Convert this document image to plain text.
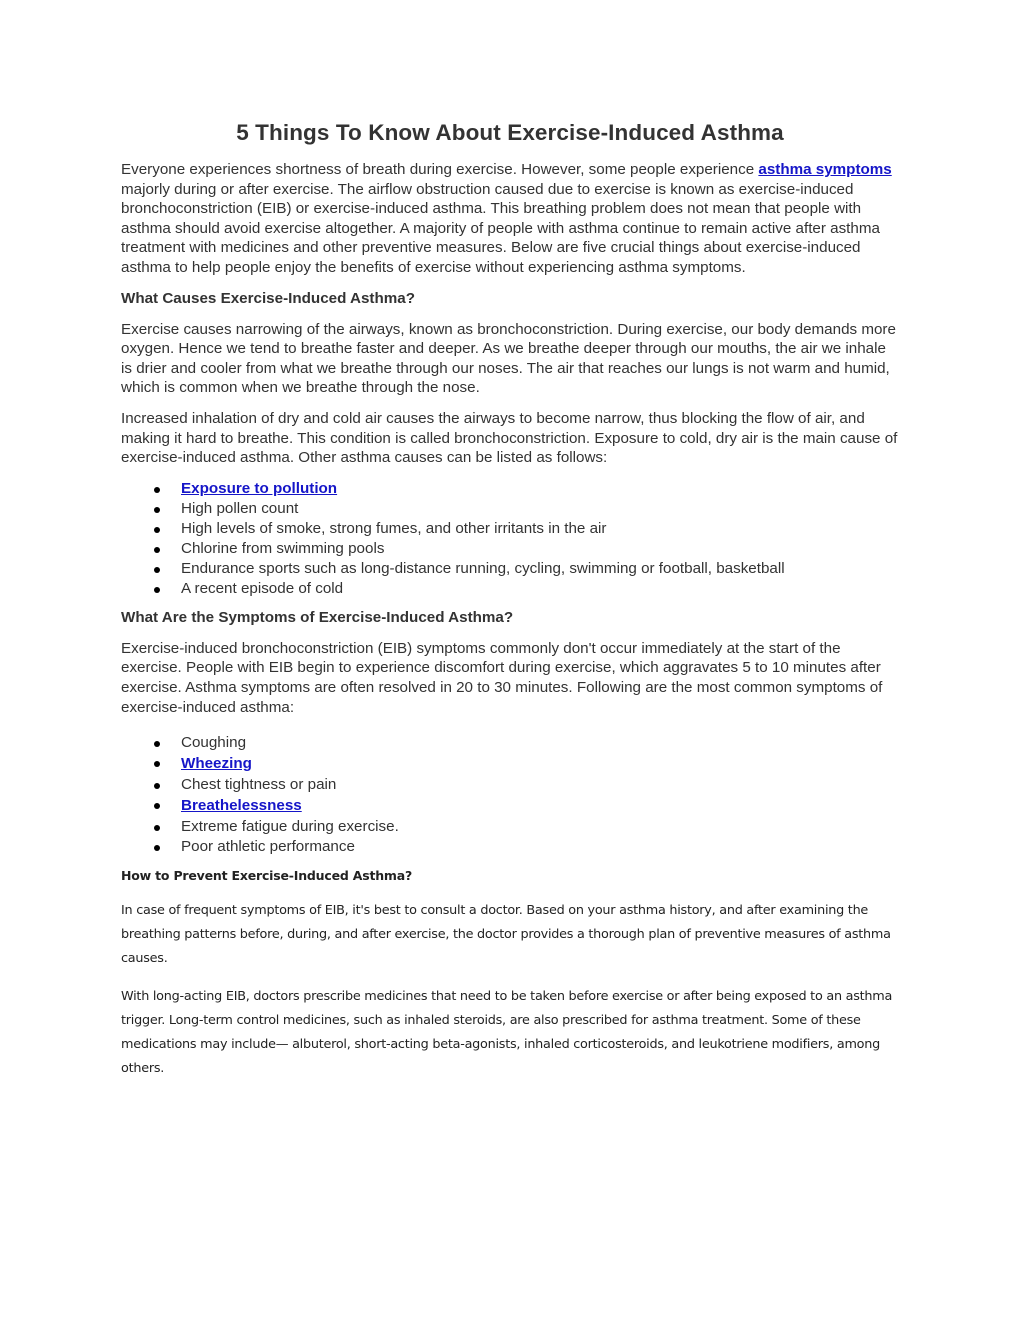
5 Things To Know About Exercise-Induced Asthma

Everyone experiences shortness of breath during exercise. However, some people experience asthma symptoms majorly during or after exercise. The airflow obstruction caused due to exercise is known as exercise-induced bronchoconstriction (EIB) or exercise-induced asthma. This breathing problem does not mean that people with asthma should avoid exercise altogether. A majority of people with asthma continue to remain active after asthma treatment with medicines and other preventive measures. Below are five crucial things about exercise-induced asthma to help people enjoy the benefits of exercise without experiencing asthma symptoms.

What Causes Exercise-Induced Asthma?

Exercise causes narrowing of the airways, known as bronchoconstriction. During exercise, our body demands more oxygen. Hence we tend to breathe faster and deeper. As we breathe deeper through our mouths, the air we inhale is drier and cooler from what we breathe through our noses. The air that reaches our lungs is not warm and humid, which is common when we breathe through the nose.

Increased inhalation of dry and cold air causes the airways to become narrow, thus blocking the flow of air, and making it hard to breathe. This condition is called bronchoconstriction. Exposure to cold, dry air is the main cause of exercise-induced asthma. Other asthma causes can be listed as follows:

Exposure to pollution
High pollen count
High levels of smoke, strong fumes, and other irritants in the air
Chlorine from swimming pools
Endurance sports such as long-distance running, cycling, swimming or football, basketball
A recent episode of cold
What Are the Symptoms of Exercise-Induced Asthma?

Exercise-induced bronchoconstriction (EIB) symptoms commonly don't occur immediately at the start of the exercise. People with EIB begin to experience discomfort during exercise, which aggravates 5 to 10 minutes after exercise. Asthma symptoms are often resolved in 20 to 30 minutes. Following are the most common symptoms of exercise-induced asthma:

Coughing
Wheezing
Chest tightness or pain
Breathelessness
Extreme fatigue during exercise.
Poor athletic performance
How to Prevent Exercise-Induced Asthma?

In case of frequent symptoms of EIB, it's best to consult a doctor. Based on your asthma history, and after examining the breathing patterns before, during, and after exercise, the doctor provides a thorough plan of preventive measures of asthma causes.

With long-acting EIB, doctors prescribe medicines that need to be taken before exercise or after being exposed to an asthma trigger. Long-term control medicines, such as inhaled steroids, are also prescribed for asthma treatment. Some of these medications may include— albuterol, short-acting beta-agonists, inhaled corticosteroids, and leukotriene modifiers, among others.
